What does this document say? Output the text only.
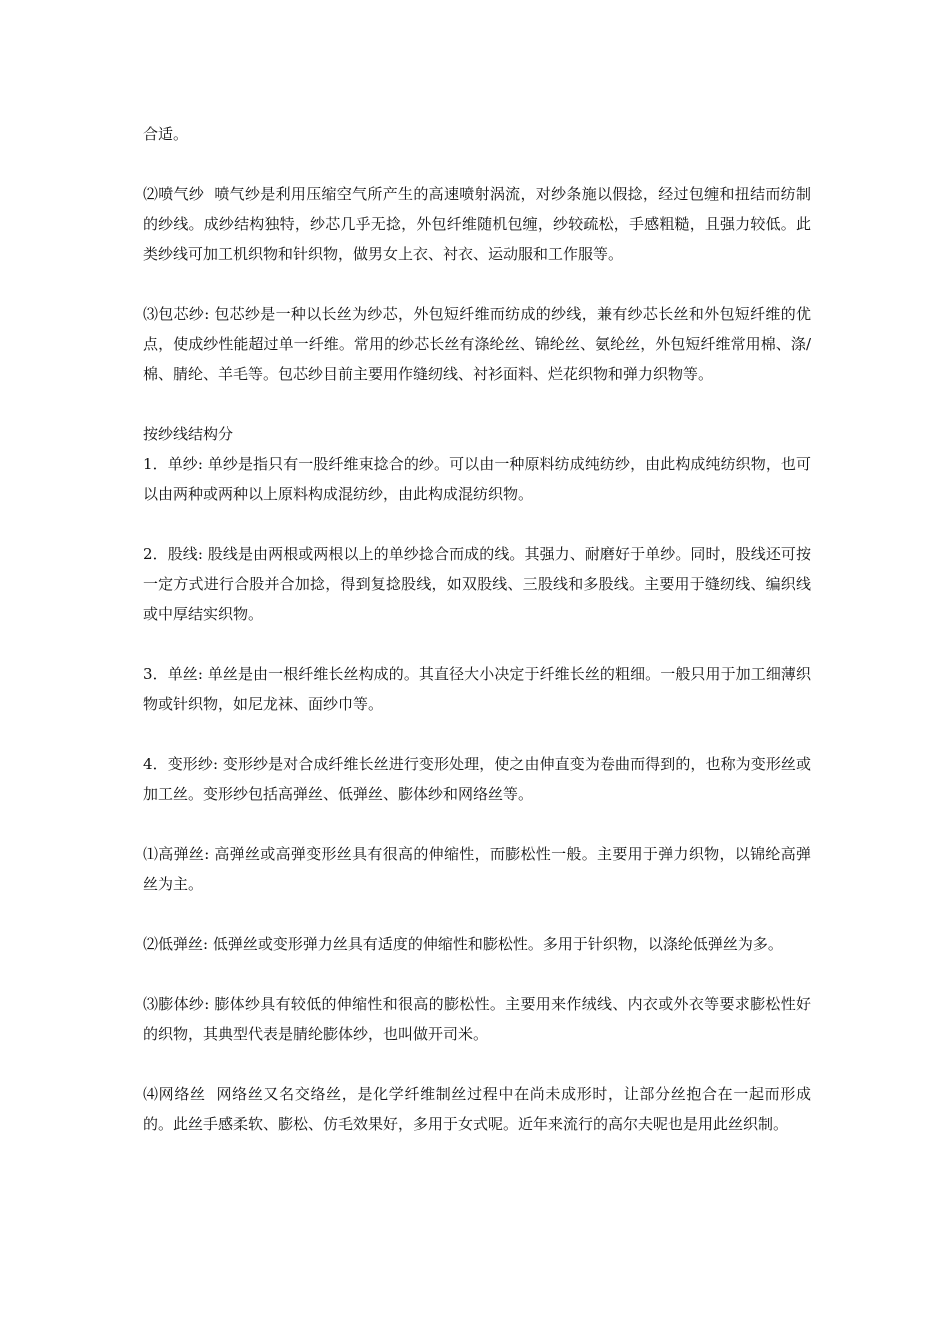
合适。

⑵喷气纱  喷气纱是利用压缩空气所产生的高速喷射涡流，对纱条施以假捻，经过包缠和扭结而纺制的纱线。成纱结构独特，纱芯几乎无捻，外包纤维随机包缠，纱较疏松，手感粗糙，且强力较低。此类纱线可加工机织物和针织物，做男女上衣、衬衣、运动服和工作服等。

⑶包芯纱: 包芯纱是一种以长丝为纱芯，外包短纤维而纺成的纱线，兼有纱芯长丝和外包短纤维的优点，使成纱性能超过单一纤维。常用的纱芯长丝有涤纶丝、锦纶丝、氨纶丝，外包短纤维常用棉、涤/棉、腈纶、羊毛等。包芯纱目前主要用作缝纫线、衬衫面料、烂花织物和弹力织物等。

按纱线结构分

1．单纱: 单纱是指只有一股纤维束捻合的纱。可以由一种原料纺成纯纺纱，由此构成纯纺织物，也可以由两种或两种以上原料构成混纺纱，由此构成混纺织物。

2．股线: 股线是由两根或两根以上的单纱捻合而成的线。其强力、耐磨好于单纱。同时，股线还可按一定方式进行合股并合加捻，得到复捻股线，如双股线、三股线和多股线。主要用于缝纫线、编织线或中厚结实织物。

3．单丝: 单丝是由一根纤维长丝构成的。其直径大小决定于纤维长丝的粗细。一般只用于加工细薄织物或针织物，如尼龙袜、面纱巾等。

4．变形纱: 变形纱是对合成纤维长丝进行变形处理，使之由伸直变为卷曲而得到的，也称为变形丝或加工丝。变形纱包括高弹丝、低弹丝、膨体纱和网络丝等。

⑴高弹丝: 高弹丝或高弹变形丝具有很高的伸缩性，而膨松性一般。主要用于弹力织物，以锦纶高弹丝为主。

⑵低弹丝: 低弹丝或变形弹力丝具有适度的伸缩性和膨松性。多用于针织物，以涤纶低弹丝为多。

⑶膨体纱: 膨体纱具有较低的伸缩性和很高的膨松性。主要用来作绒线、内衣或外衣等要求膨松性好的织物，其典型代表是腈纶膨体纱，也叫做开司米。

⑷网络丝  网络丝又名交络丝，是化学纤维制丝过程中在尚未成形时，让部分丝抱合在一起而形成的。此丝手感柔软、膨松、仿毛效果好，多用于女式呢。近年来流行的高尔夫呢也是用此丝织制。
